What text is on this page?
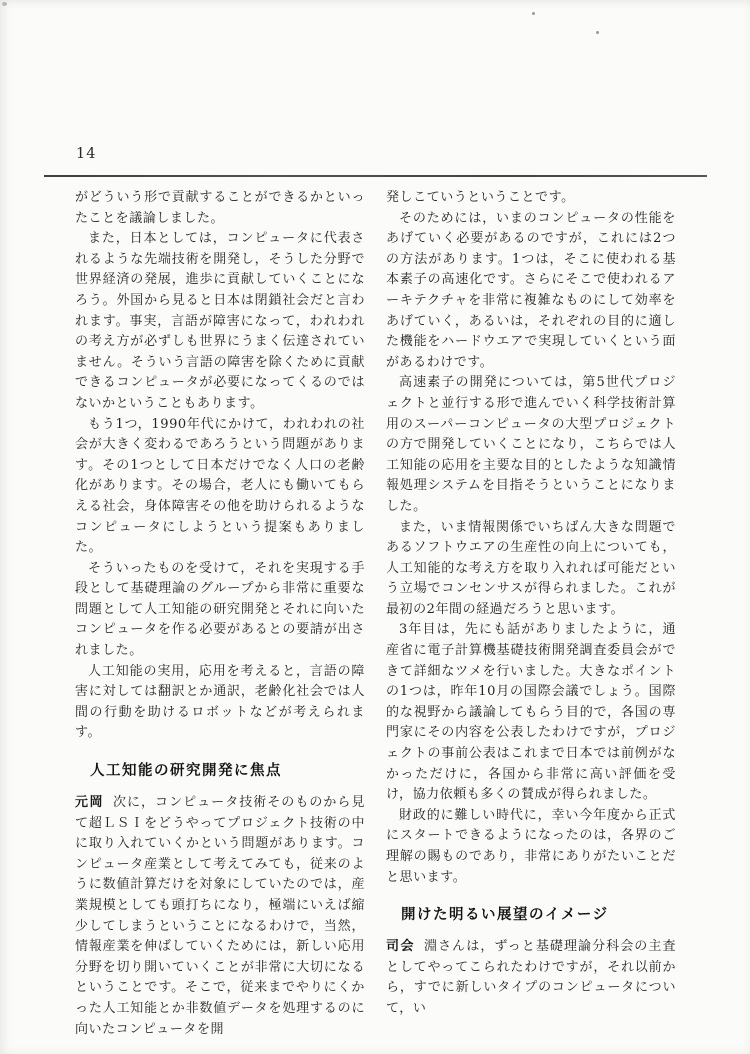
14

がどういう形で貢献することができるかといったことを議論しました。

また，日本としては，コンピュータに代表されるような先端技術を開発し，そうした分野で世界経済の発展，進歩に貢献していくことになろう。外国から見ると日本は閉鎖社会だと言われます。事実，言語が障害になって，われわれの考え方が必ずしも世界にうまく伝達されていません。そういう言語の障害を除くために貢献できるコンピュータが必要になってくるのではないかということもあります。

もう1つ，1990年代にかけて，われわれの社会が大きく変わるであろうという問題があります。その1つとして日本だけでなく人口の老齢化があります。その場合，老人にも働いてもらえる社会，身体障害その他を助けられるようなコンピュータにしようという提案もありました。

そういったものを受けて，それを実現する手段として基礎理論のグループから非常に重要な問題として人工知能の研究開発とそれに向いたコンピュータを作る必要があるとの要請が出されました。

人工知能の実用，応用を考えると，言語の障害に対しては翻訳とか通訳，老齢化社会では人間の行動を助けるロボットなどが考えられます。

人工知能の研究開発に焦点

元岡 次に，コンピュータ技術そのものから見て超ＬＳＩをどうやってプロジェクト技術の中に取り入れていくかという問題があります。コンピュータ産業として考えてみても，従来のように数値計算だけを対象にしていたのでは，産業規模としても頭打ちになり，極端にいえば縮少してしまうということになるわけで，当然，情報産業を伸ばしていくためには，新しい応用分野を切り開いていくことが非常に大切になるということです。そこで，従来までやりにくかった人工知能とか非数値データを処理するのに向いたコンピュータを開

発しこていうということです。

そのためには，いまのコンピュータの性能をあげていく必要があるのですが，これには2つの方法があります。1つは，そこに使われる基本素子の高速化です。さらにそこで使われるアーキテクチャを非常に複雑なものにして効率をあげていく，あるいは，それぞれの目的に適した機能をハードウエアで実現していくという面があるわけです。

高速素子の開発については，第5世代プロジェクトと並行する形で進んでいく科学技術計算用のスーパーコンピュータの大型プロジェクトの方で開発していくことになり，こちらでは人工知能の応用を主要な目的としたような知識情報処理システムを目指そうということになりました。

また，いま情報関係でいちばん大きな問題であるソフトウエアの生産性の向上についても，人工知能的な考え方を取り入れれば可能だという立場でコンセンサスが得られました。これが最初の2年間の経過だろうと思います。

3年目は，先にも話がありましたように，通産省に電子計算機基礎技術開発調査委員会ができて詳細なツメを行いました。大きなポイントの1つは，昨年10月の国際会議でしょう。国際的な視野から議論してもらう目的で，各国の専門家にその内容を公表したわけですが，プロジェクトの事前公表はこれまで日本では前例がなかっただけに，各国から非常に高い評価を受け，協力依頼も多くの賛成が得られました。

財政的に難しい時代に，幸い今年度から正式にスタートできるようになったのは，各界のご理解の賜ものであり，非常にありがたいことだと思います。

開けた明るい展望のイメージ

司会 淵さんは，ずっと基礎理論分科会の主査としてやってこられたわけですが，それ以前から，すでに新しいタイプのコンピュータについて，い
